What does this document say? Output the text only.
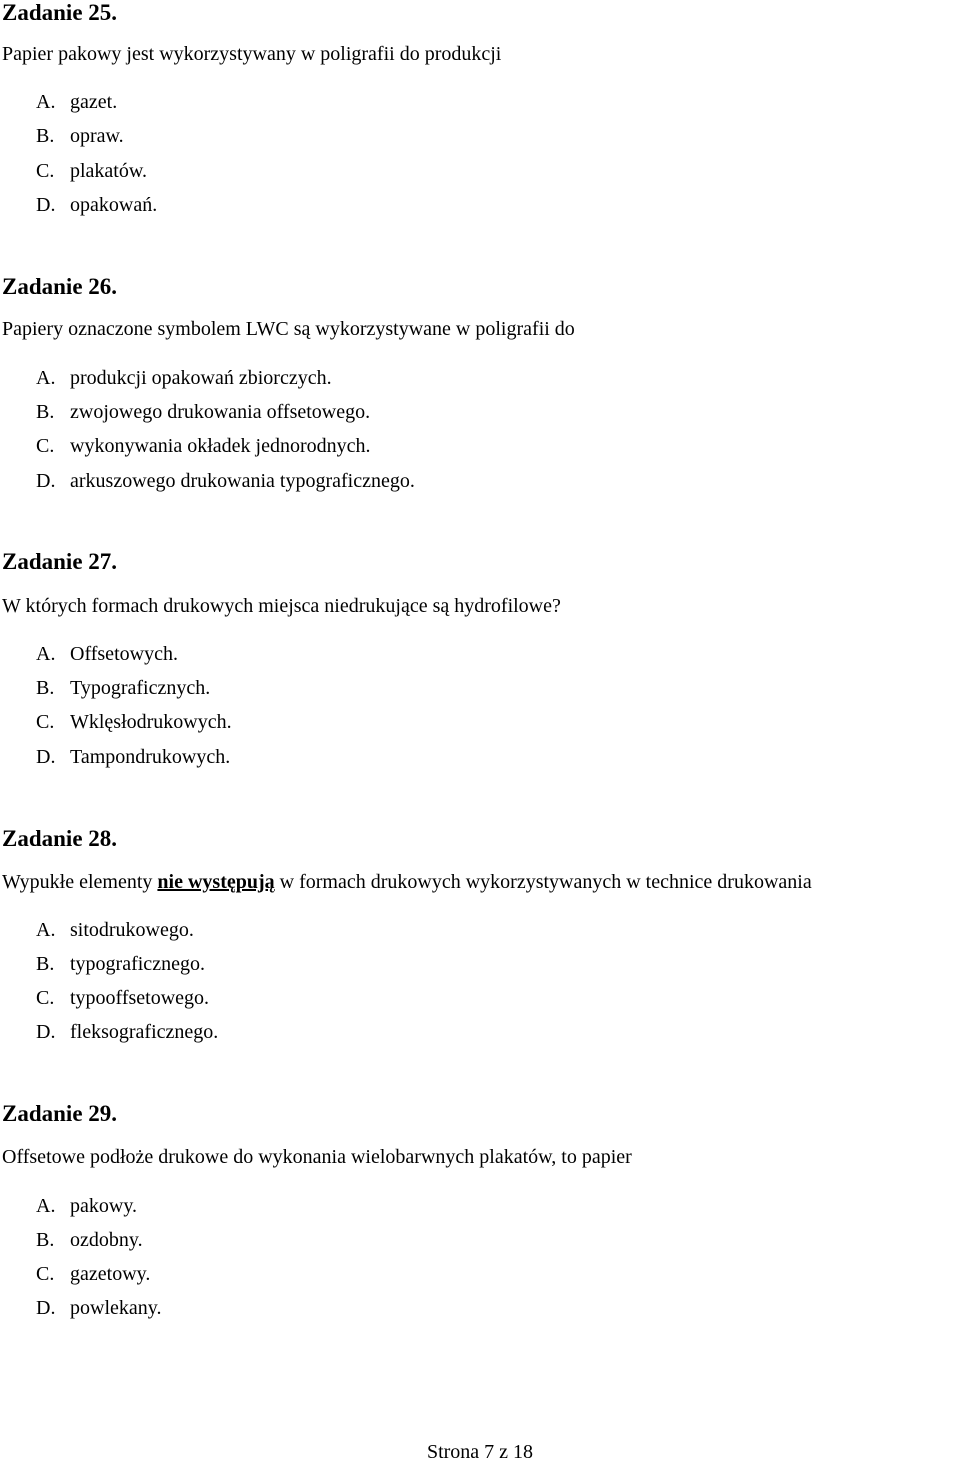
Zadanie 25.
Papier pakowy jest wykorzystywany w poligrafii do produkcji
A. gazet.
B. opraw.
C. plakatów.
D. opakowań.
Zadanie 26.
Papiery oznaczone symbolem LWC są wykorzystywane w poligrafii do
A. produkcji opakowań zbiorczych.
B. zwojowego drukowania offsetowego.
C. wykonywania okładek jednorodnych.
D. arkuszowego drukowania typograficznego.
Zadanie 27.
W których formach drukowych miejsca niedrukujące są hydrofilowe?
A. Offsetowych.
B. Typograficznych.
C. Wklęsłodrukowych.
D. Tampondrukowych.
Zadanie 28.
Wypukłe elementy nie występują w formach drukowych wykorzystywanych w technice drukowania
A. sitodrukowego.
B. typograficznego.
C. typooffsetowego.
D. fleksograficznego.
Zadanie 29.
Offsetowe podłoże drukowe do wykonania wielobarwnych plakatów, to papier
A. pakowy.
B. ozdobny.
C. gazetowy.
D. powlekany.
Strona 7 z 18
